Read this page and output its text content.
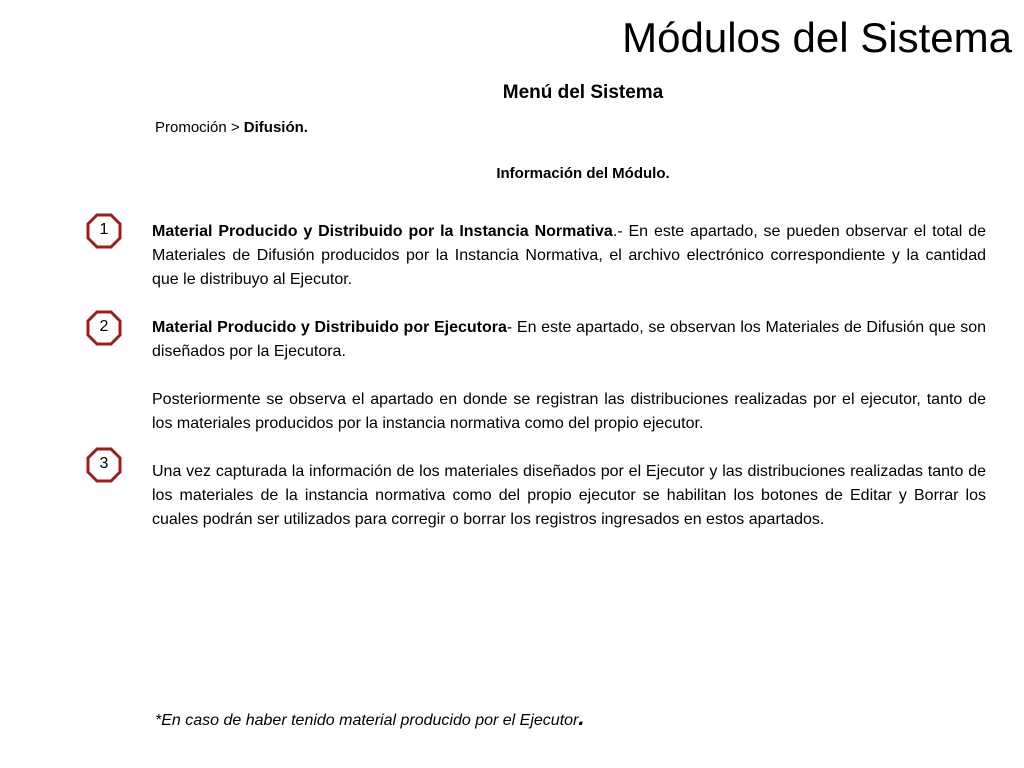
Módulos del Sistema
Menú del Sistema
Promoción > Difusión.
Información del Módulo.
1
2
3

Material Producido y Distribuido por la Instancia Normativa.- En este apartado, se pueden observar el total de Materiales de Difusión producidos por la Instancia Normativa, el archivo electrónico correspondiente y la cantidad que le distribuyo al Ejecutor.

Material Producido y Distribuido por Ejecutora- En este apartado, se observan los Materiales de Difusión que son diseñados por la Ejecutora.

Posteriormente se observa el apartado en donde se registran las distribuciones realizadas por el ejecutor, tanto de los materiales producidos por la instancia normativa como del propio ejecutor.

Una vez capturada la información de los materiales diseñados por el Ejecutor y las distribuciones realizadas tanto de los materiales de la instancia normativa como del propio ejecutor se habilitan los botones de Editar y Borrar los cuales podrán ser utilizados para corregir o borrar los registros ingresados en estos apartados.

*En caso de haber tenido material producido por el Ejecutor.
